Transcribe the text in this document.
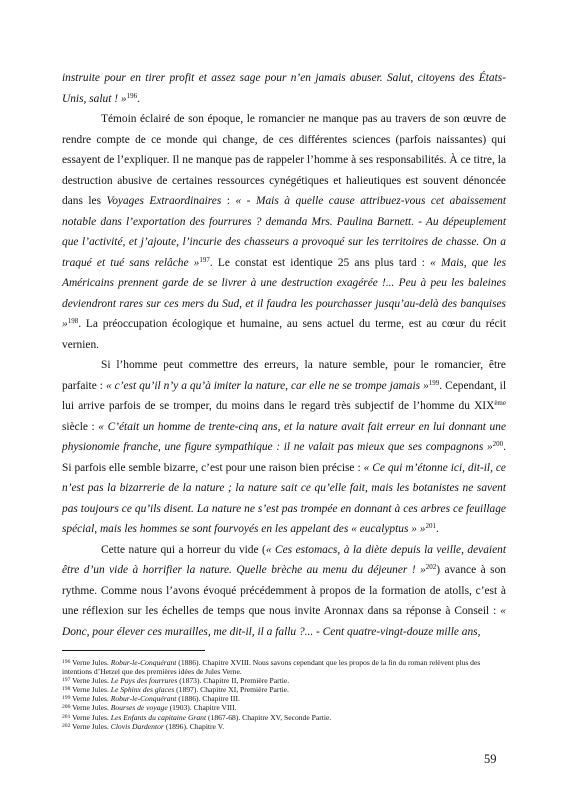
instruite pour en tirer profit et assez sage pour n’en jamais abuser. Salut, citoyens des États-Unis, salut ! »$^{196}$.

Témoin éclairé de son époque, le romancier ne manque pas au travers de son œuvre de rendre compte de ce monde qui change, de ces différentes sciences (parfois naissantes) qui essayent de l’expliquer. Il ne manque pas de rappeler l’homme à ses responsabilités. À ce titre, la destruction abusive de certaines ressources cynégétiques et halieutiques est souvent dénoncée dans les Voyages Extraordinaires : « - Mais à quelle cause attribuez-vous cet abaissement notable dans l’exportation des fourrures ? demanda Mrs. Paulina Barnett. - Au dépeuplement que l’activité, et j’ajoute, l’incurie des chasseurs a provoqué sur les territoires de chasse. On a traqué et tué sans relâche »$^{197}$. Le constat est identique 25 ans plus tard : « Mais, que les Américains prennent garde de se livrer à une destruction exagérée !... Peu à peu les baleines deviendront rares sur ces mers du Sud, et il faudra les pourchasser jusqu’au-delà des banquises »$^{198}$. La préoccupation écologique et humaine, au sens actuel du terme, est au cœur du récit vernien.

Si l’homme peut commettre des erreurs, la nature semble, pour le romancier, être parfaite : « c’est qu’il n’y a qu’à imiter la nature, car elle ne se trompe jamais »$^{199}$. Cependant, il lui arrive parfois de se tromper, du moins dans le regard très subjectif de l’homme du XIXème siècle : « C’était un homme de trente-cinq ans, et la nature avait fait erreur en lui donnant une physionomie franche, une figure sympathique : il ne valait pas mieux que ses compagnons »$^{200}$. Si parfois elle semble bizarre, c’est pour une raison bien précise : « Ce qui m’étonne ici, dit-il, ce n’est pas la bizarrerie de la nature ; la nature sait ce qu’elle fait, mais les botanistes ne savent pas toujours ce qu’ils disent. La nature ne s’est pas trompée en donnant à ces arbres ce feuillage spécial, mais les hommes se sont fourvoyés en les appelant des « eucalyptus » »$^{201}$.

Cette nature qui a horreur du vide (« Ces estomacs, à la diète depuis la veille, devaient être d’un vide à horrifier la nature. Quelle brèche au menu du déjeuner ! »$^{202}$) avance à son rythme. Comme nous l’avons évoqué précédemment à propos de la formation de atolls, c’est à une réflexion sur les échelles de temps que nous invite Aronnax dans sa réponse à Conseil : « Donc, pour élever ces murailles, me dit-il, il a fallu ?... - Cent quatre-vingt-douze mille ans,

$^{196}$ Verne Jules. Robur-le-Conquérant (1886). Chapitre XVIII. Nous savons cependant que les propos de la fin du roman relèvent plus des intentions d’Hetzel que des premières idées de Jules Verne.

$^{197}$ Verne Jules. Le Pays des fourrures (1873). Chapitre II, Première Partie.

$^{198}$ Verne Jules. Le Sphinx des glaces (1897). Chapitre XI, Première Partie.

$^{199}$ Verne Jules. Robur-le-Conquérant (1886). Chapitre III.

$^{200}$ Verne Jules. Bourses de voyage (1903). Chapitre VIII.

$^{201}$ Verne Jules. Les Enfants du capitaine Grant (1867-68). Chapitre XV, Seconde Partie.

$^{202}$ Verne Jules. Clovis Dardentor (1896). Chapitre V.

59
